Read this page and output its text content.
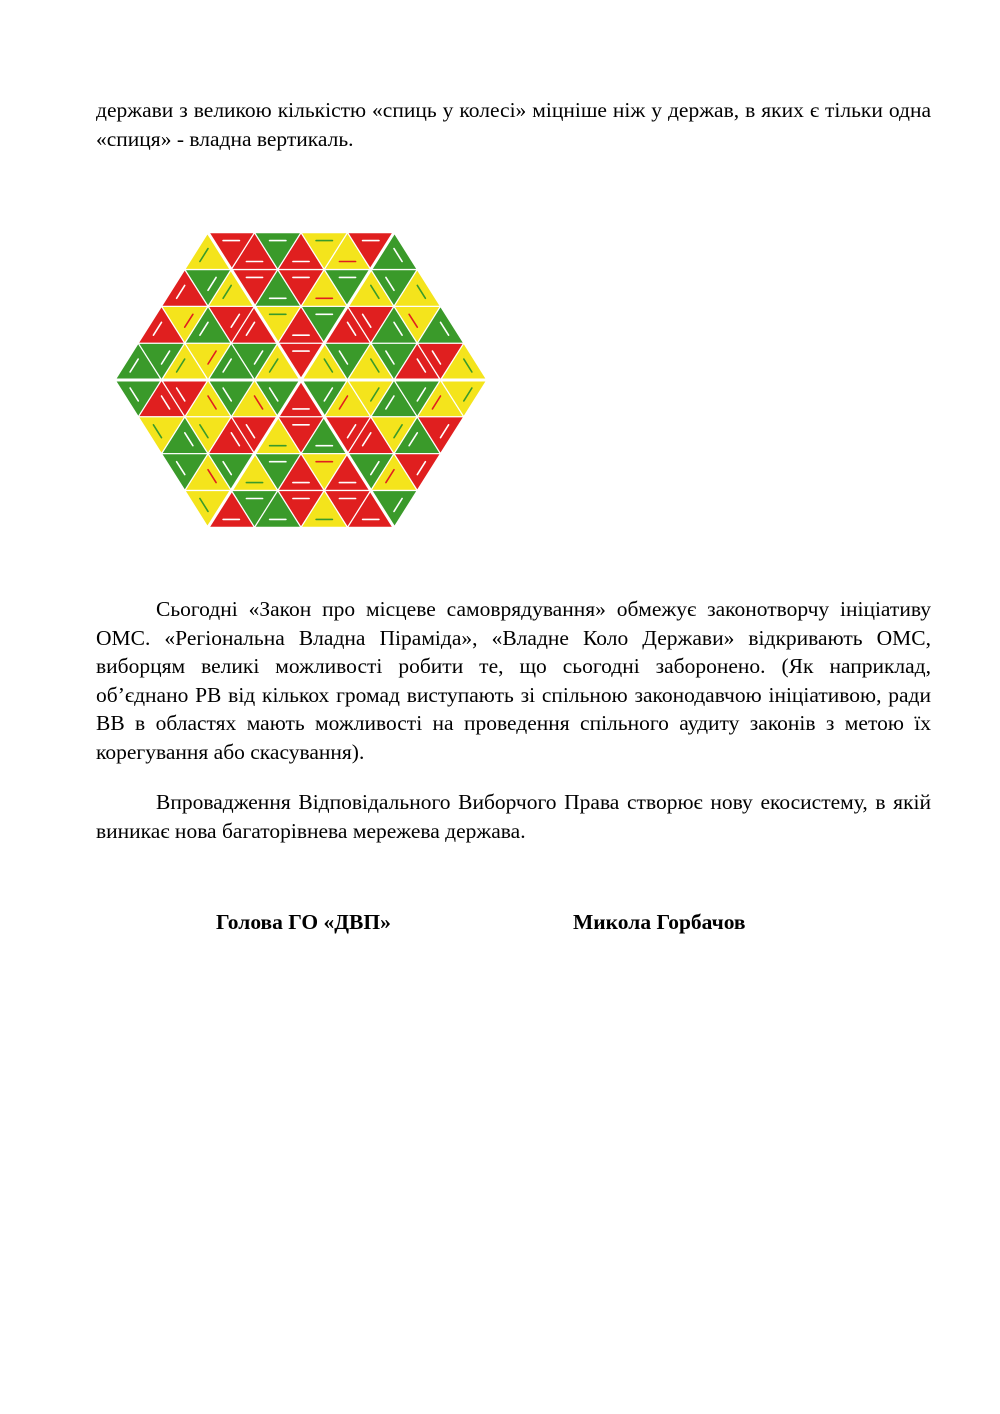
держави з великою кількістю «спиць у колесі» міцніше ніж у держав, в яких є тільки одна «спиця» - владна вертикаль.

Сьогодні «Закон про місцеве самоврядування» обмежує законотворчу ініціативу ОМС. «Регіональна Владна Піраміда», «Владне Коло Держави» відкривають ОМС, виборцям великі можливості робити те, що сьогодні заборонено. (Як наприклад, об’єднано РВ від кількох громад виступають зі спільною законодавчою ініціативою, ради ВВ в областях мають можливості на проведення спільного аудиту законів з метою їх корегування або скасування).

Впровадження Відповідального Виборчого Права створює нову екосистему, в якій виникає нова багаторівнева мережева держава.

Голова ГО «ДВП»	Микола Горбачов
